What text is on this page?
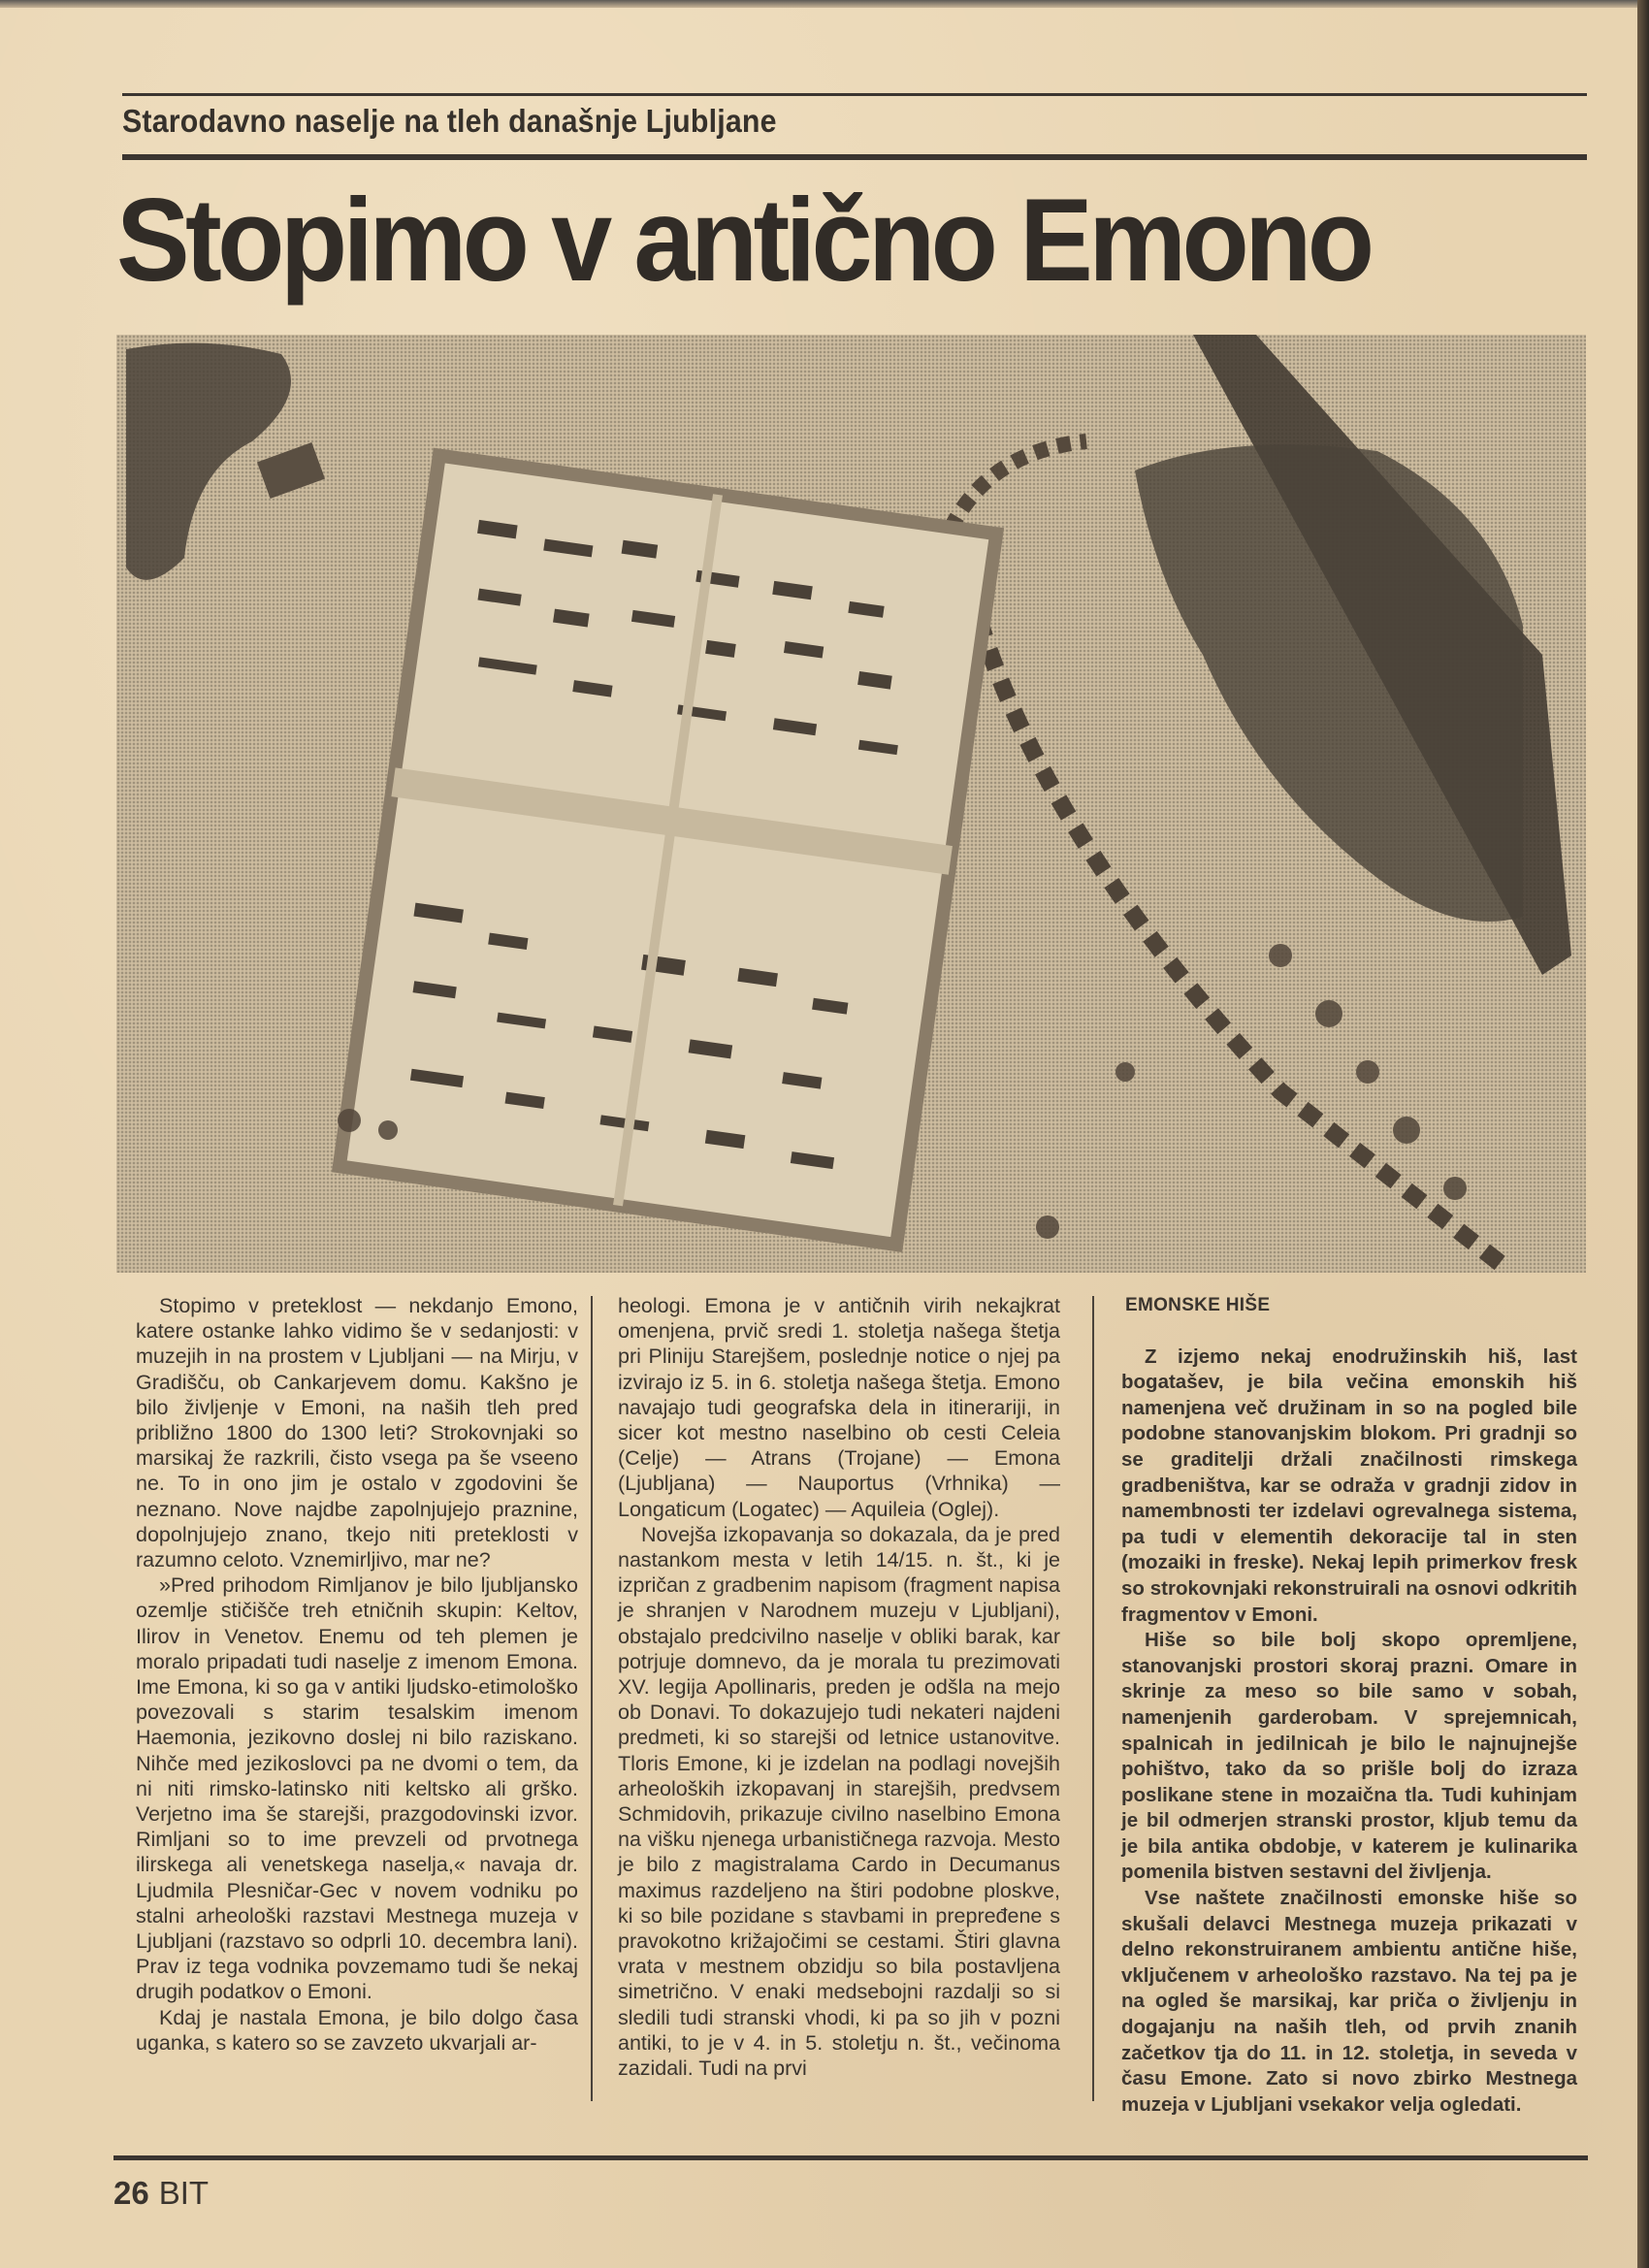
Starodavno naselje na tleh današnje Ljubljane
Stopimo v antično Emono

Stopimo v preteklost — nekdanjo Emono, katere ostanke lahko vidimo še v sedanjosti: v muzejih in na prostem v Ljubljani — na Mirju, v Gradišču, ob Cankarjevem domu. Kakšno je bilo življenje v Emoni, na naših tleh pred približno 1800 do 1300 leti? Strokovnjaki so marsikaj že razkrili, čisto vsega pa še vseeno ne. To in ono jim je ostalo v zgodovini še neznano. Nove najdbe zapolnjujejo praznine, dopolnjujejo znano, tkejo niti preteklosti v razumno celoto. Vznemirljivo, mar ne?

»Pred prihodom Rimljanov je bilo ljubljansko ozemlje stičišče treh etničnih skupin: Keltov, Ilirov in Venetov. Enemu od teh plemen je moralo pripadati tudi naselje z imenom Emona. Ime Emona, ki so ga v antiki ljudsko-etimološko povezovali s starim tesalskim imenom Haemonia, jezikovno doslej ni bilo raziskano. Nihče med jezikoslovci pa ne dvomi o tem, da ni niti rimsko-latinsko niti keltsko ali grško. Verjetno ima še starejši, prazgodovinski izvor. Rimljani so to ime prevzeli od prvotnega ilirskega ali venetskega naselja,« navaja dr. Ljudmila Plesničar-Gec v novem vodniku po stalni arheološki razstavi Mestnega muzeja v Ljubljani (razstavo so odprli 10. decembra lani). Prav iz tega vodnika povzemamo tudi še nekaj drugih podatkov o Emoni.

Kdaj je nastala Emona, je bilo dolgo časa uganka, s katero so se zavzeto ukvarjali ar-

heologi. Emona je v antičnih virih nekajkrat omenjena, prvič sredi 1. stoletja našega štetja pri Pliniju Starejšem, poslednje notice o njej pa izvirajo iz 5. in 6. stoletja našega štetja. Emono navajajo tudi geografska dela in itinerariji, in sicer kot mestno naselbino ob cesti Celeia (Celje) — Atrans (Trojane) — Emona (Ljubljana) — Nauportus (Vrhnika) — Longaticum (Logatec) — Aquileia (Oglej).

Novejša izkopavanja so dokazala, da je pred nastankom mesta v letih 14/15. n. št., ki je izpričan z gradbenim napisom (fragment napisa je shranjen v Narodnem muzeju v Ljubljani), obstajalo predcivilno naselje v obliki barak, kar potrjuje domnevo, da je morala tu prezimovati XV. legija Apollinaris, preden je odšla na mejo ob Donavi. To dokazujejo tudi nekateri najdeni predmeti, ki so starejši od letnice ustanovitve. Tloris Emone, ki je izdelan na podlagi novejših arheoloških izkopavanj in starejših, predvsem Schmidovih, prikazuje civilno naselbino Emona na višku njenega urbanističnega razvoja. Mesto je bilo z magistralama Cardo in Decumanus maximus razdeljeno na štiri podobne ploskve, ki so bile pozidane s stavbami in prepređene s pravokotno križajočimi se cestami. Štiri glavna vrata v mestnem obzidju so bila postavljena simetrično. V enaki medsebojni razdalji so si sledili tudi stranski vhodi, ki pa so jih v pozni antiki, to je v 4. in 5. stoletju n. št., večinoma zazidali. Tudi na prvi

EMONSKE HIŠE

Z izjemo nekaj enodružinskih hiš, last bogatašev, je bila večina emonskih hiš namenjena več družinam in so na pogled bile podobne stanovanjskim blokom. Pri gradnji so se graditelji držali značilnosti rimskega gradbeništva, kar se odraža v gradnji zidov in namembnosti ter izdelavi ogrevalnega sistema, pa tudi v elementih dekoracije tal in sten (mozaiki in freske). Nekaj lepih primerkov fresk so strokovnjaki rekonstruirali na osnovi odkritih fragmentov v Emoni.

Hiše so bile bolj skopo opremljene, stanovanjski prostori skoraj prazni. Omare in skrinje za meso so bile samo v sobah, namenjenih garderobam. V sprejemnicah, spalnicah in jedilnicah je bilo le najnujnejše pohištvo, tako da so prišle bolj do izraza poslikane stene in mozaična tla. Tudi kuhinjam je bil odmerjen stranski prostor, kljub temu da je bila antika obdobje, v katerem je kulinarika pomenila bistven sestavni del življenja.

Vse naštete značilnosti emonske hiše so skušali delavci Mestnega muzeja prikazati v delno rekonstruiranem ambientu antične hiše, vključenem v arheološko razstavo. Na tej pa je na ogled še marsikaj, kar priča o življenju in dogajanju na naših tleh, od prvih znanih začetkov tja do 11. in 12. stoletja, in seveda v času Emone. Zato si novo zbirko Mestnega muzeja v Ljubljani vsekakor velja ogledati.

26 BIT
